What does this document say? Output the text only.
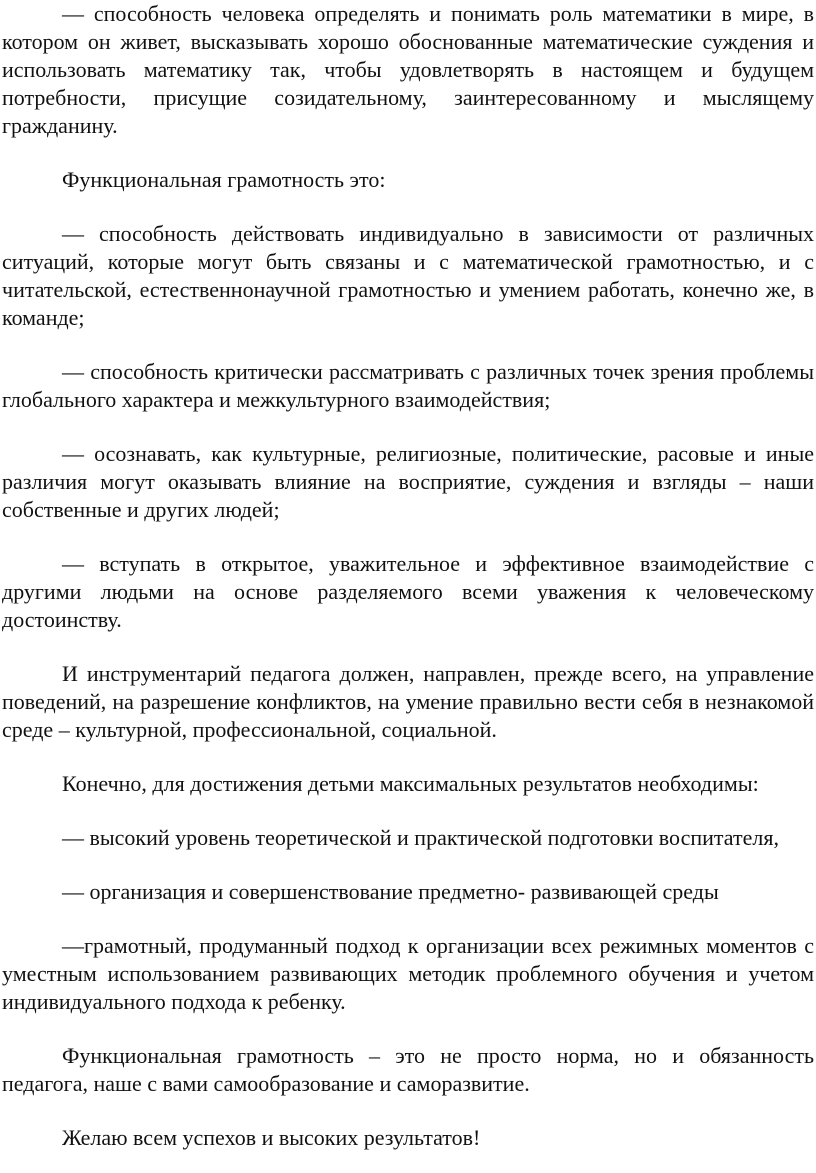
— способность человека определять и понимать роль математики в мире, в котором он живет, высказывать хорошо обоснованные математические суждения и использовать математику так, чтобы удовлетворять в настоящем и будущем потребности, присущие созидательному, заинтересованному и мыслящему гражданину.

Функциональная грамотность это:

— способность действовать индивидуально в зависимости от различных ситуаций, которые могут быть связаны и с математической грамотностью, и с читательской, естественнонаучной грамотностью и умением работать, конечно же, в команде;

— способность критически рассматривать с различных точек зрения проблемы глобального характера и межкультурного взаимодействия;

— осознавать, как культурные, религиозные, политические, расовые и иные различия могут оказывать влияние на восприятие, суждения и взгляды – наши собственные и других людей;

— вступать в открытое, уважительное и эффективное взаимодействие с другими людьми на основе разделяемого всеми уважения к человеческому достоинству.

И инструментарий педагога должен, направлен, прежде всего, на управление поведений, на разрешение конфликтов, на умение правильно вести себя в незнакомой среде – культурной, профессиональной, социальной.

Конечно, для достижения детьми максимальных результатов необходимы:

— высокий уровень теоретической и практической подготовки воспитателя,

— организация и совершенствование предметно- развивающей среды

—грамотный, продуманный подход к организации всех режимных моментов с уместным использованием развивающих методик проблемного обучения и учетом индивидуального подхода к ребенку.

Функциональная грамотность – это не просто норма, но и обязанность педагога, наше с вами самообразование и саморазвитие.

Желаю всем успехов и высоких результатов!
